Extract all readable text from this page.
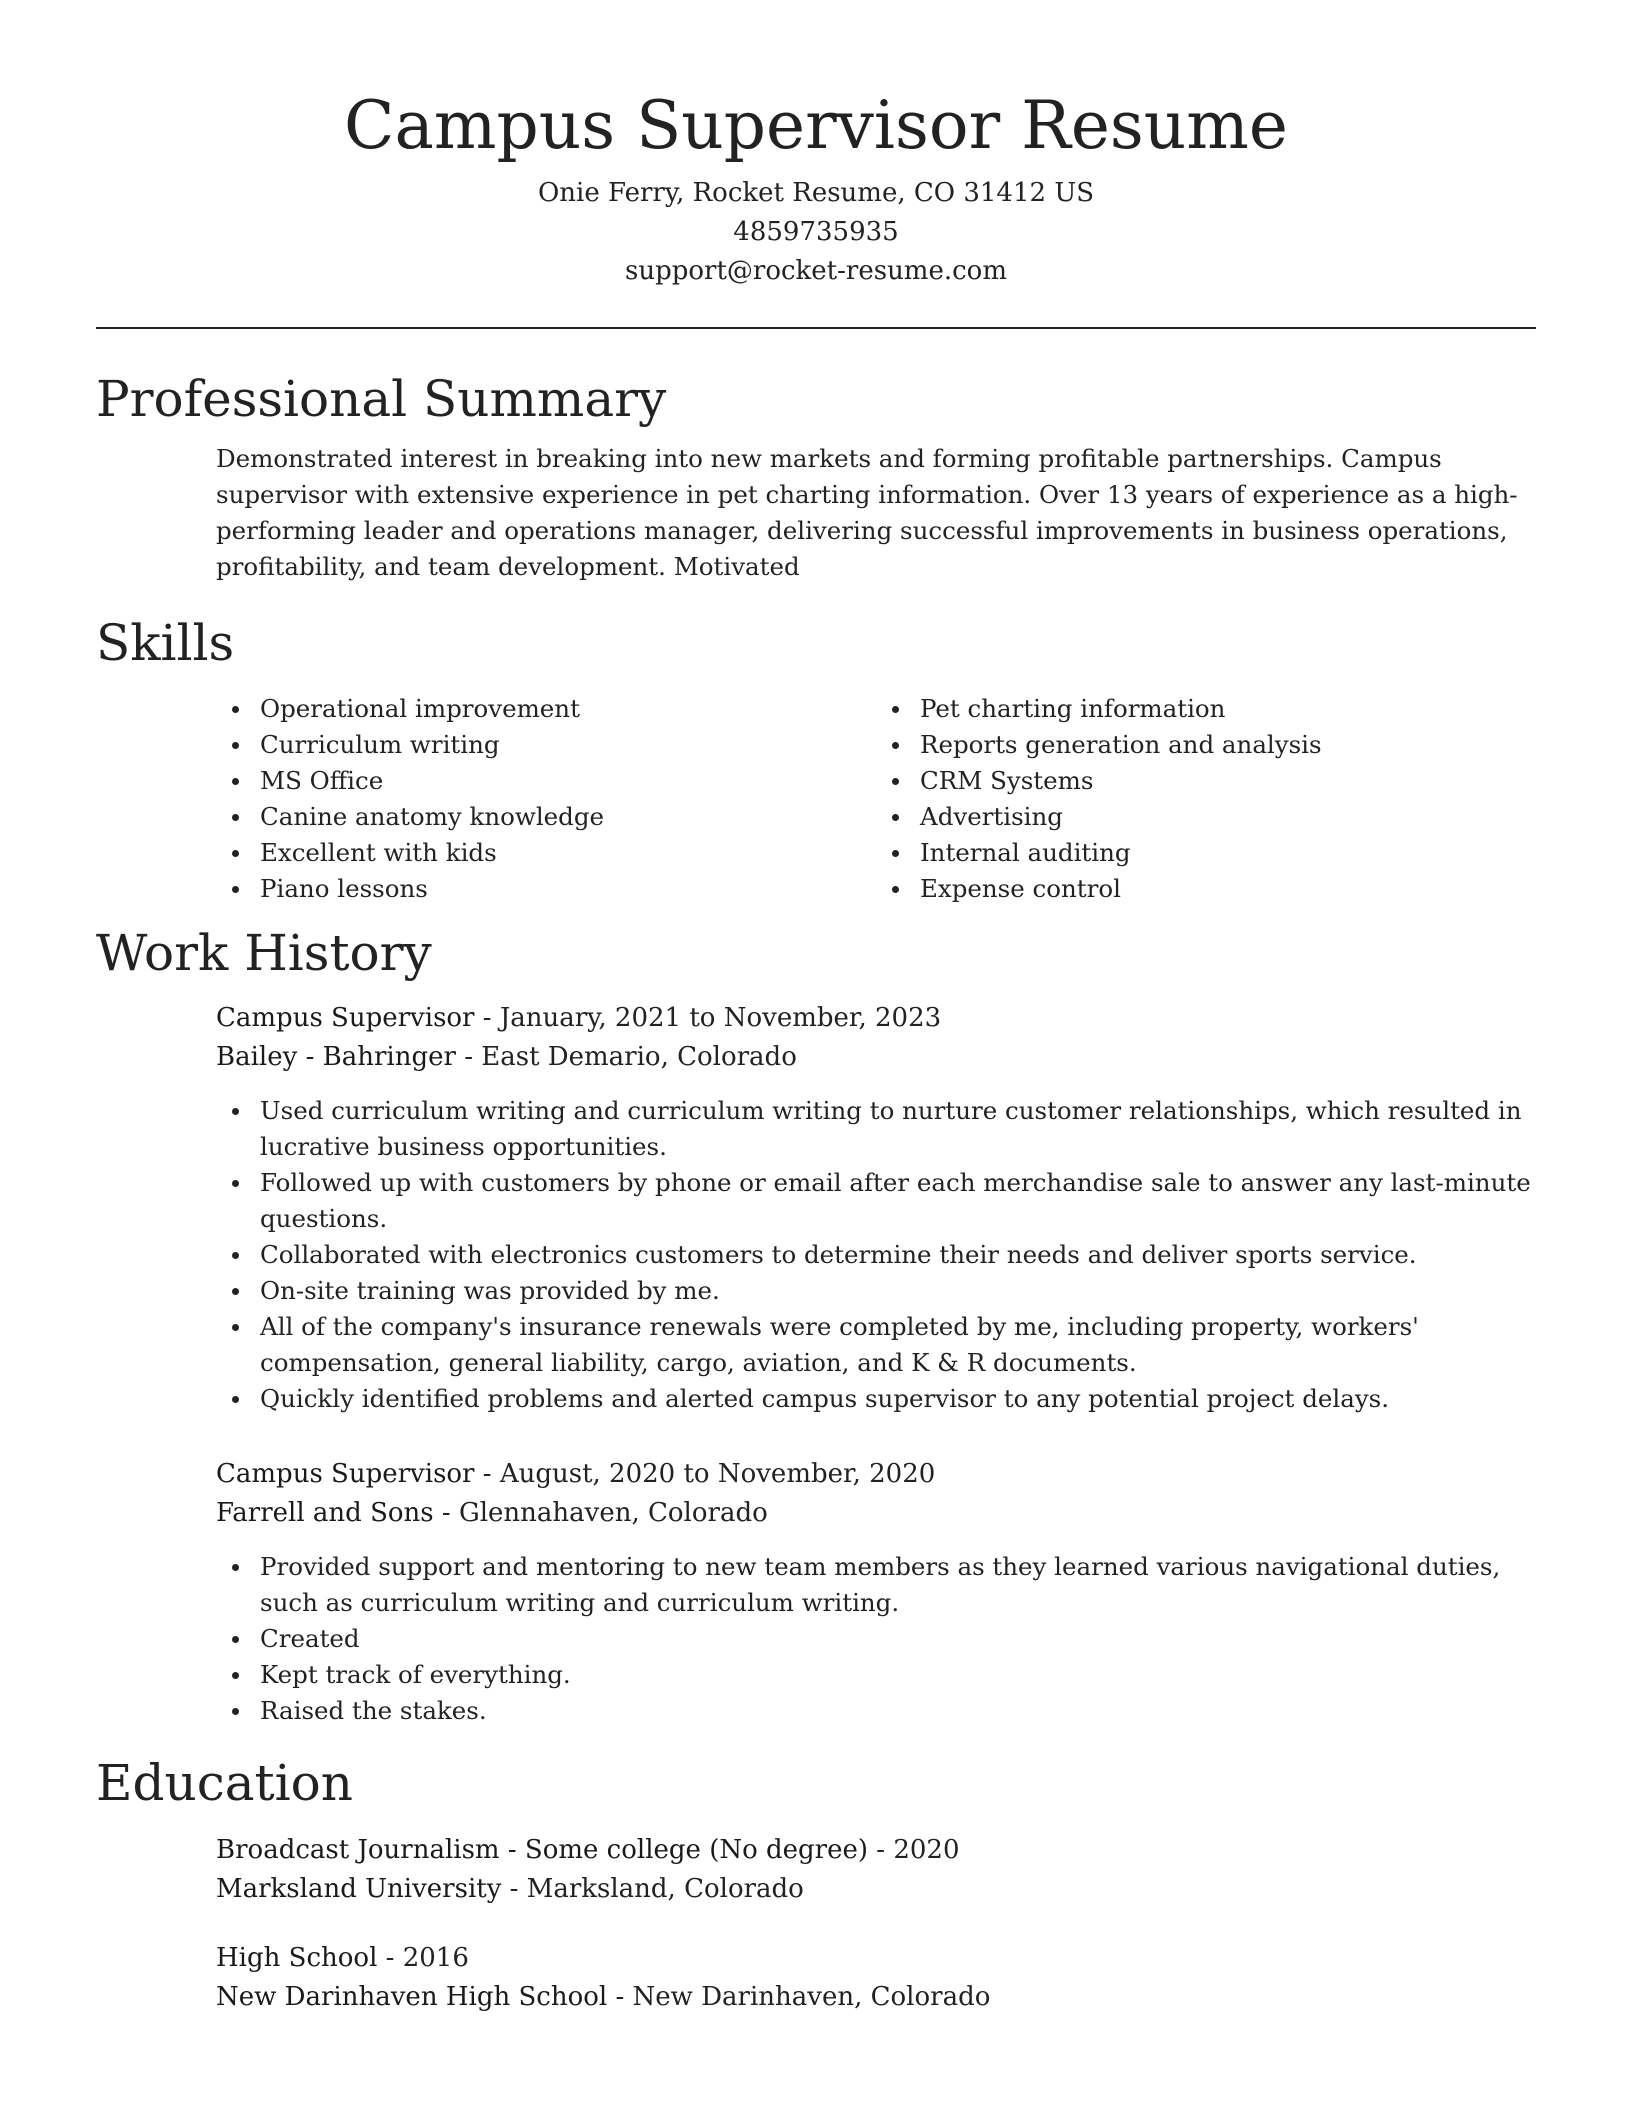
Campus Supervisor Resume

Onie Ferry, Rocket Resume, CO 31412 US

4859735935

support@rocket-resume.com

Professional Summary

Demonstrated interest in breaking into new markets and forming profitable partnerships. Campus supervisor with extensive experience in pet charting information. Over 13 years of experience as a high-performing leader and operations manager, delivering successful improvements in business operations, profitability, and team development. Motivated

Skills
Operational improvement
Curriculum writing
MS Office
Canine anatomy knowledge
Excellent with kids
Piano lessons
Pet charting information
Reports generation and analysis
CRM Systems
Advertising
Internal auditing
Expense control
Work History

Campus Supervisor - January, 2021 to November, 2023

Bailey - Bahringer - East Demario, Colorado

Used curriculum writing and curriculum writing to nurture customer relationships, which resulted in lucrative business opportunities.
Followed up with customers by phone or email after each merchandise sale to answer any last-minute questions.
Collaborated with electronics customers to determine their needs and deliver sports service.
On-site training was provided by me.
All of the company's insurance renewals were completed by me, including property, workers' compensation, general liability, cargo, aviation, and K & R documents.
Quickly identified problems and alerted campus supervisor to any potential project delays.

Campus Supervisor - August, 2020 to November, 2020

Farrell and Sons - Glennahaven, Colorado

Provided support and mentoring to new team members as they learned various navigational duties, such as curriculum writing and curriculum writing.
Created
Kept track of everything.
Raised the stakes.
Education

Broadcast Journalism - Some college (No degree) - 2020

Marksland University - Marksland, Colorado

High School - 2016

New Darinhaven High School - New Darinhaven, Colorado
